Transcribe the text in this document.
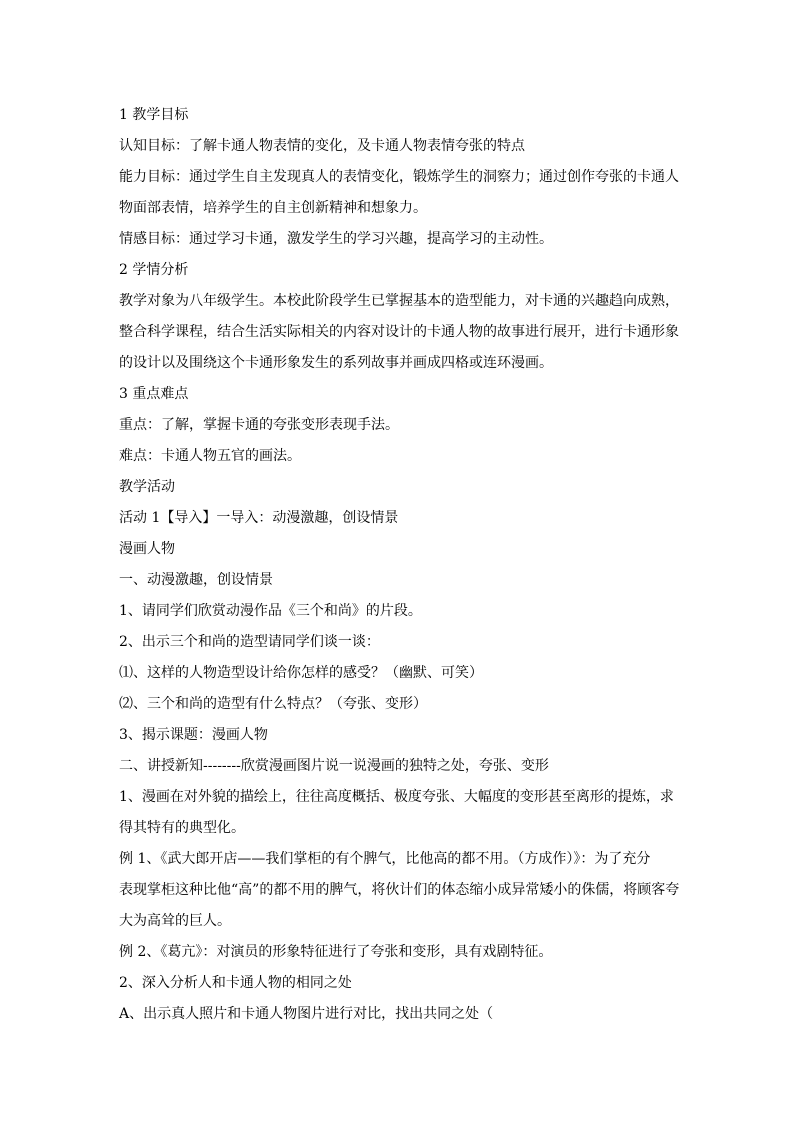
1 教学目标

认知目标：了解卡通人物表情的变化，及卡通人物表情夸张的特点

能力目标：通过学生自主发现真人的表情变化，锻炼学生的洞察力；通过创作夸张的卡通人
物面部表情，培养学生的自主创新精神和想象力。

情感目标：通过学习卡通，激发学生的学习兴趣，提高学习的主动性。

2 学情分析

教学对象为八年级学生。本校此阶段学生已掌握基本的造型能力，对卡通的兴趣趋向成熟，
整合科学课程，结合生活实际相关的内容对设计的卡通人物的故事进行展开，进行卡通形象
的设计以及围绕这个卡通形象发生的系列故事并画成四格或连环漫画。

3 重点难点

重点：了解，掌握卡通的夸张变形表现手法。

难点：卡通人物五官的画法。

教学活动

活动 1【导入】一导入：动漫激趣，创设情景

漫画人物

一、动漫激趣，创设情景

1、请同学们欣赏动漫作品《三个和尚》的片段。

2、出示三个和尚的造型请同学们谈一谈：

⑴、这样的人物造型设计给你怎样的感受？（幽默、可笑）

⑵、三个和尚的造型有什么特点？（夸张、变形）

3、揭示课题：漫画人物

二、讲授新知--------欣赏漫画图片说一说漫画的独特之处，夸张、变形

1、漫画在对外貌的描绘上，往往高度概括、极度夸张、大幅度的变形甚至离形的提炼，求
得其特有的典型化。

例 1、《武大郎开店——我们掌柜的有个脾气，比他高的都不用。（方成作）》：为了充分
表现掌柜这种比他“高”的都不用的脾气，将伙计们的体态缩小成异常矮小的侏儒，将顾客夸
大为高耸的巨人。

例 2、《葛亢》：对演员的形象特征进行了夸张和变形，具有戏剧特征。

2、深入分析人和卡通人物的相同之处

A、出示真人照片和卡通人物图片进行对比，找出共同之处（
